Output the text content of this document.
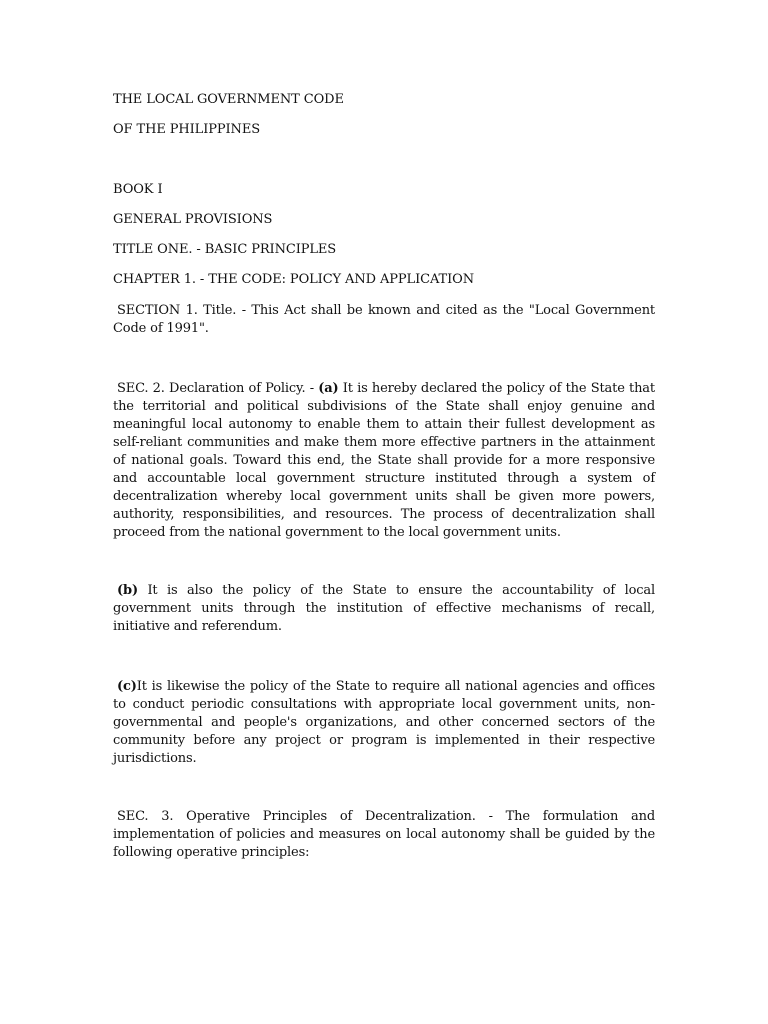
THE LOCAL GOVERNMENT CODE
OF THE PHILIPPINES
BOOK I
GENERAL PROVISIONS
TITLE ONE. - BASIC PRINCIPLES
CHAPTER 1. - THE CODE: POLICY AND APPLICATION
SECTION 1. Title. - This Act shall be known and cited as the "Local Government Code of 1991".
SEC. 2. Declaration of Policy. - (a) It is hereby declared the policy of the State that the territorial and political subdivisions of the State shall enjoy genuine and meaningful local autonomy to enable them to attain their fullest development as self-reliant communities and make them more effective partners in the attainment of national goals. Toward this end, the State shall provide for a more responsive and accountable local government structure instituted through a system of decentralization whereby local government units shall be given more powers, authority, responsibilities, and resources. The process of decentralization shall proceed from the national government to the local government units.
(b) It is also the policy of the State to ensure the accountability of local government units through the institution of effective mechanisms of recall, initiative and referendum.
(c)It is likewise the policy of the State to require all national agencies and offices to conduct periodic consultations with appropriate local government units, non-governmental and people's organizations, and other concerned sectors of the community before any project or program is implemented in their respective jurisdictions.
SEC. 3. Operative Principles of Decentralization. - The formulation and implementation of policies and measures on local autonomy shall be guided by the following operative principles:
